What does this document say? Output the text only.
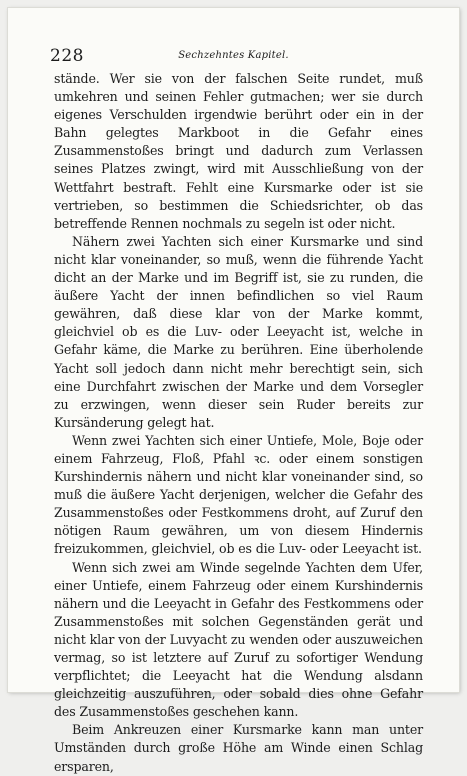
228	Sechzehntes Kapitel.

stände. Wer sie von der falschen Seite rundet, muß umkehren und seinen Fehler gutmachen; wer sie durch eigenes Verschulden irgendwie berührt oder ein in der Bahn gelegtes Markboot in die Gefahr eines Zusammenstoßes bringt und dadurch zum Verlassen seines Platzes zwingt, wird mit Ausschließung von der Wettfahrt bestraft. Fehlt eine Kursmarke oder ist sie vertrieben, so bestimmen die Schiedsrichter, ob das betreffende Rennen nochmals zu segeln ist oder nicht.

Nähern zwei Yachten sich einer Kursmarke und sind nicht klar voneinander, so muß, wenn die führende Yacht dicht an der Marke und im Begriff ist, sie zu runden, die äußere Yacht der innen befindlichen so viel Raum gewähren, daß diese klar von der Marke kommt, gleichviel ob es die Luv- oder Leeyacht ist, welche in Gefahr käme, die Marke zu berühren. Eine überholende Yacht soll jedoch dann nicht mehr berechtigt sein, sich eine Durchfahrt zwischen der Marke und dem Vorsegler zu erzwingen, wenn dieser sein Ruder bereits zur Kursänderung gelegt hat.

Wenn zwei Yachten sich einer Untiefe, Mole, Boje oder einem Fahrzeug, Floß, Pfahl ꝛc. oder einem sonstigen Kurshindernis nähern und nicht klar voneinander sind, so muß die äußere Yacht derjenigen, welcher die Gefahr des Zusammenstoßes oder Festkommens droht, auf Zuruf den nötigen Raum gewähren, um von diesem Hindernis freizukommen, gleichviel, ob es die Luv- oder Leeyacht ist.

Wenn sich zwei am Winde segelnde Yachten dem Ufer, einer Untiefe, einem Fahrzeug oder einem Kurshindernis nähern und die Leeyacht in Gefahr des Festkommens oder Zusammenstoßes mit solchen Gegenständen gerät und nicht klar von der Luvyacht zu wenden oder auszuweichen vermag, so ist letztere auf Zuruf zu sofortiger Wendung verpflichtet; die Leeyacht hat die Wendung alsdann gleichzeitig auszuführen, oder sobald dies ohne Gefahr des Zusammenstoßes geschehen kann.

Beim Ankreuzen einer Kursmarke kann man unter Umständen durch große Höhe am Winde einen Schlag ersparen,
